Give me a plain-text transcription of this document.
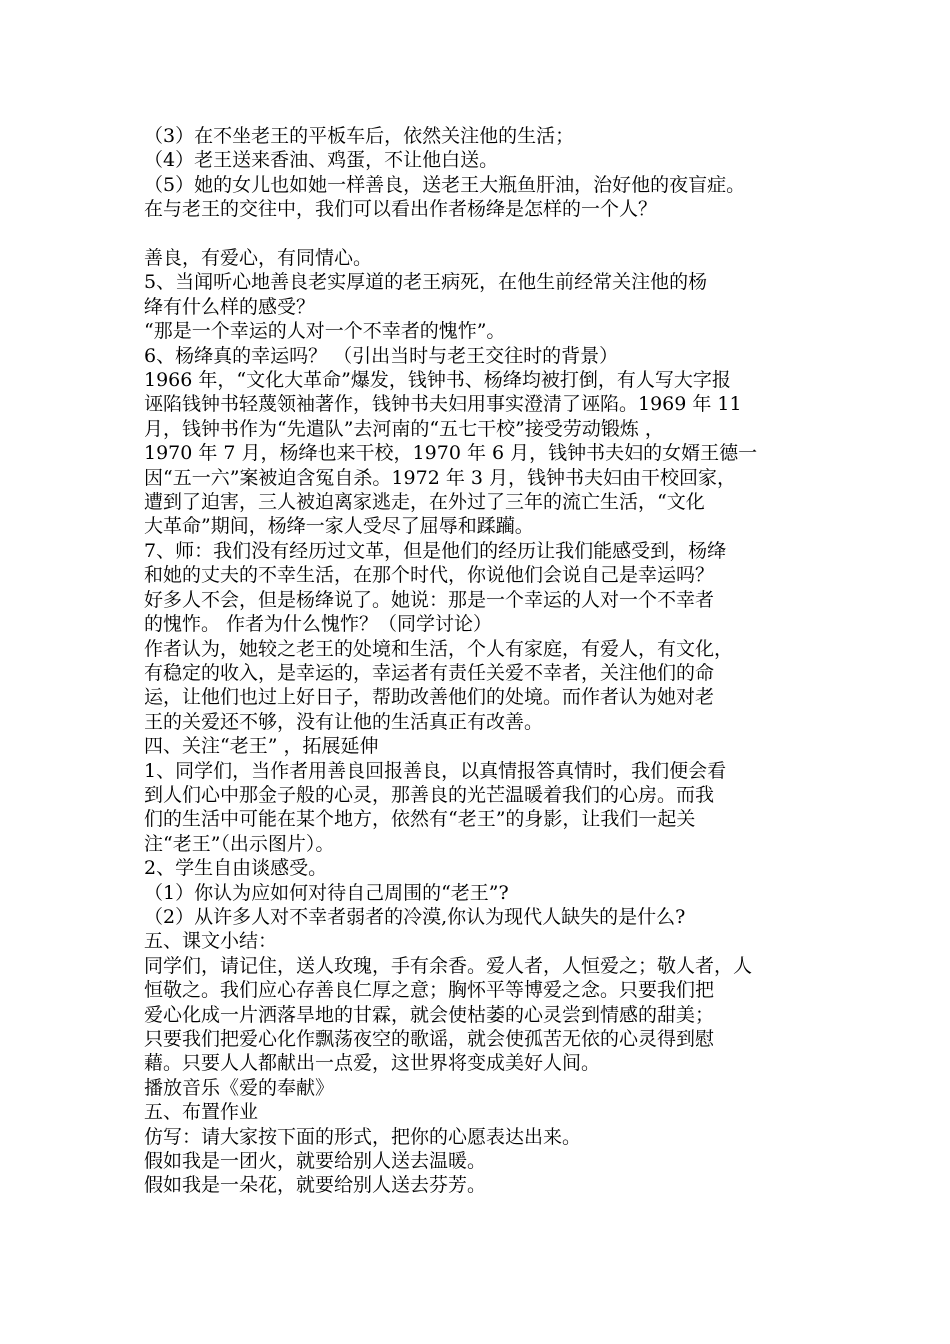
（3）在不坐老王的平板车后，依然关注他的生活；

（4）老王送来香油、鸡蛋，不让他白送。

（5）她的女儿也如她一样善良，送老王大瓶鱼肝油，治好他的夜盲症。

在与老王的交往中，我们可以看出作者杨绛是怎样的一个人？

善良，有爱心，有同情心。

5、当闻听心地善良老实厚道的老王病死，在他生前经常关注他的杨

绛有什么样的感受？

“那是一个幸运的人对一个不幸者的愧怍”。

6、杨绛真的幸运吗？ （引出当时与老王交往时的背景）

1966 年，“文化大革命”爆发，钱钟书、杨绛均被打倒，有人写大字报

诬陷钱钟书轻蔑领袖著作，钱钟书夫妇用事实澄清了诬陷。1969 年 11

月，钱钟书作为“先遣队”去河南的“五七干校”接受劳动锻炼 ，

1970 年 7 月，杨绛也来干校，1970 年 6 月，钱钟书夫妇的女婿王德一

因“五一六”案被迫含冤自杀。1972 年 3 月，钱钟书夫妇由干校回家，

遭到了迫害，三人被迫离家逃走，在外过了三年的流亡生活，“文化

大革命”期间，杨绛一家人受尽了屈辱和蹂躏。

7、师：我们没有经历过文革，但是他们的经历让我们能感受到，杨绛

和她的丈夫的不幸生活，在那个时代，你说他们会说自己是幸运吗？

好多人不会，但是杨绛说了。她说：那是一个幸运的人对一个不幸者

的愧怍。 作者为什么愧怍？（同学讨论）

作者认为，她较之老王的处境和生活，个人有家庭，有爱人，有文化，

有稳定的收入，是幸运的，幸运者有责任关爱不幸者，关注他们的命

运，让他们也过上好日子，帮助改善他们的处境。而作者认为她对老

王的关爱还不够，没有让他的生活真正有改善。

四、关注“老王” ，拓展延伸

1、同学们，当作者用善良回报善良，以真情报答真情时，我们便会看

到人们心中那金子般的心灵，那善良的光芒温暖着我们的心房。而我

们的生活中可能在某个地方，依然有“老王”的身影，让我们一起关

注“老王”（出示图片）。

2、学生自由谈感受。

（1）你认为应如何对待自己周围的“老王”?

（2）从许多人对不幸者弱者的冷漠,你认为现代人缺失的是什么?

五、课文小结：

同学们，请记住，送人玫瑰，手有余香。爱人者，人恒爱之；敬人者，人

恒敬之。我们应心存善良仁厚之意；胸怀平等博爱之念。只要我们把

爱心化成一片洒落旱地的甘霖，就会使枯萎的心灵尝到情感的甜美；

只要我们把爱心化作飘荡夜空的歌谣，就会使孤苦无依的心灵得到慰

藉。只要人人都献出一点爱，这世界将变成美好人间。

播放音乐《爱的奉献》

五、布置作业

仿写：请大家按下面的形式，把你的心愿表达出来。

假如我是一团火，就要给别人送去温暖。

假如我是一朵花，就要给别人送去芬芳。
